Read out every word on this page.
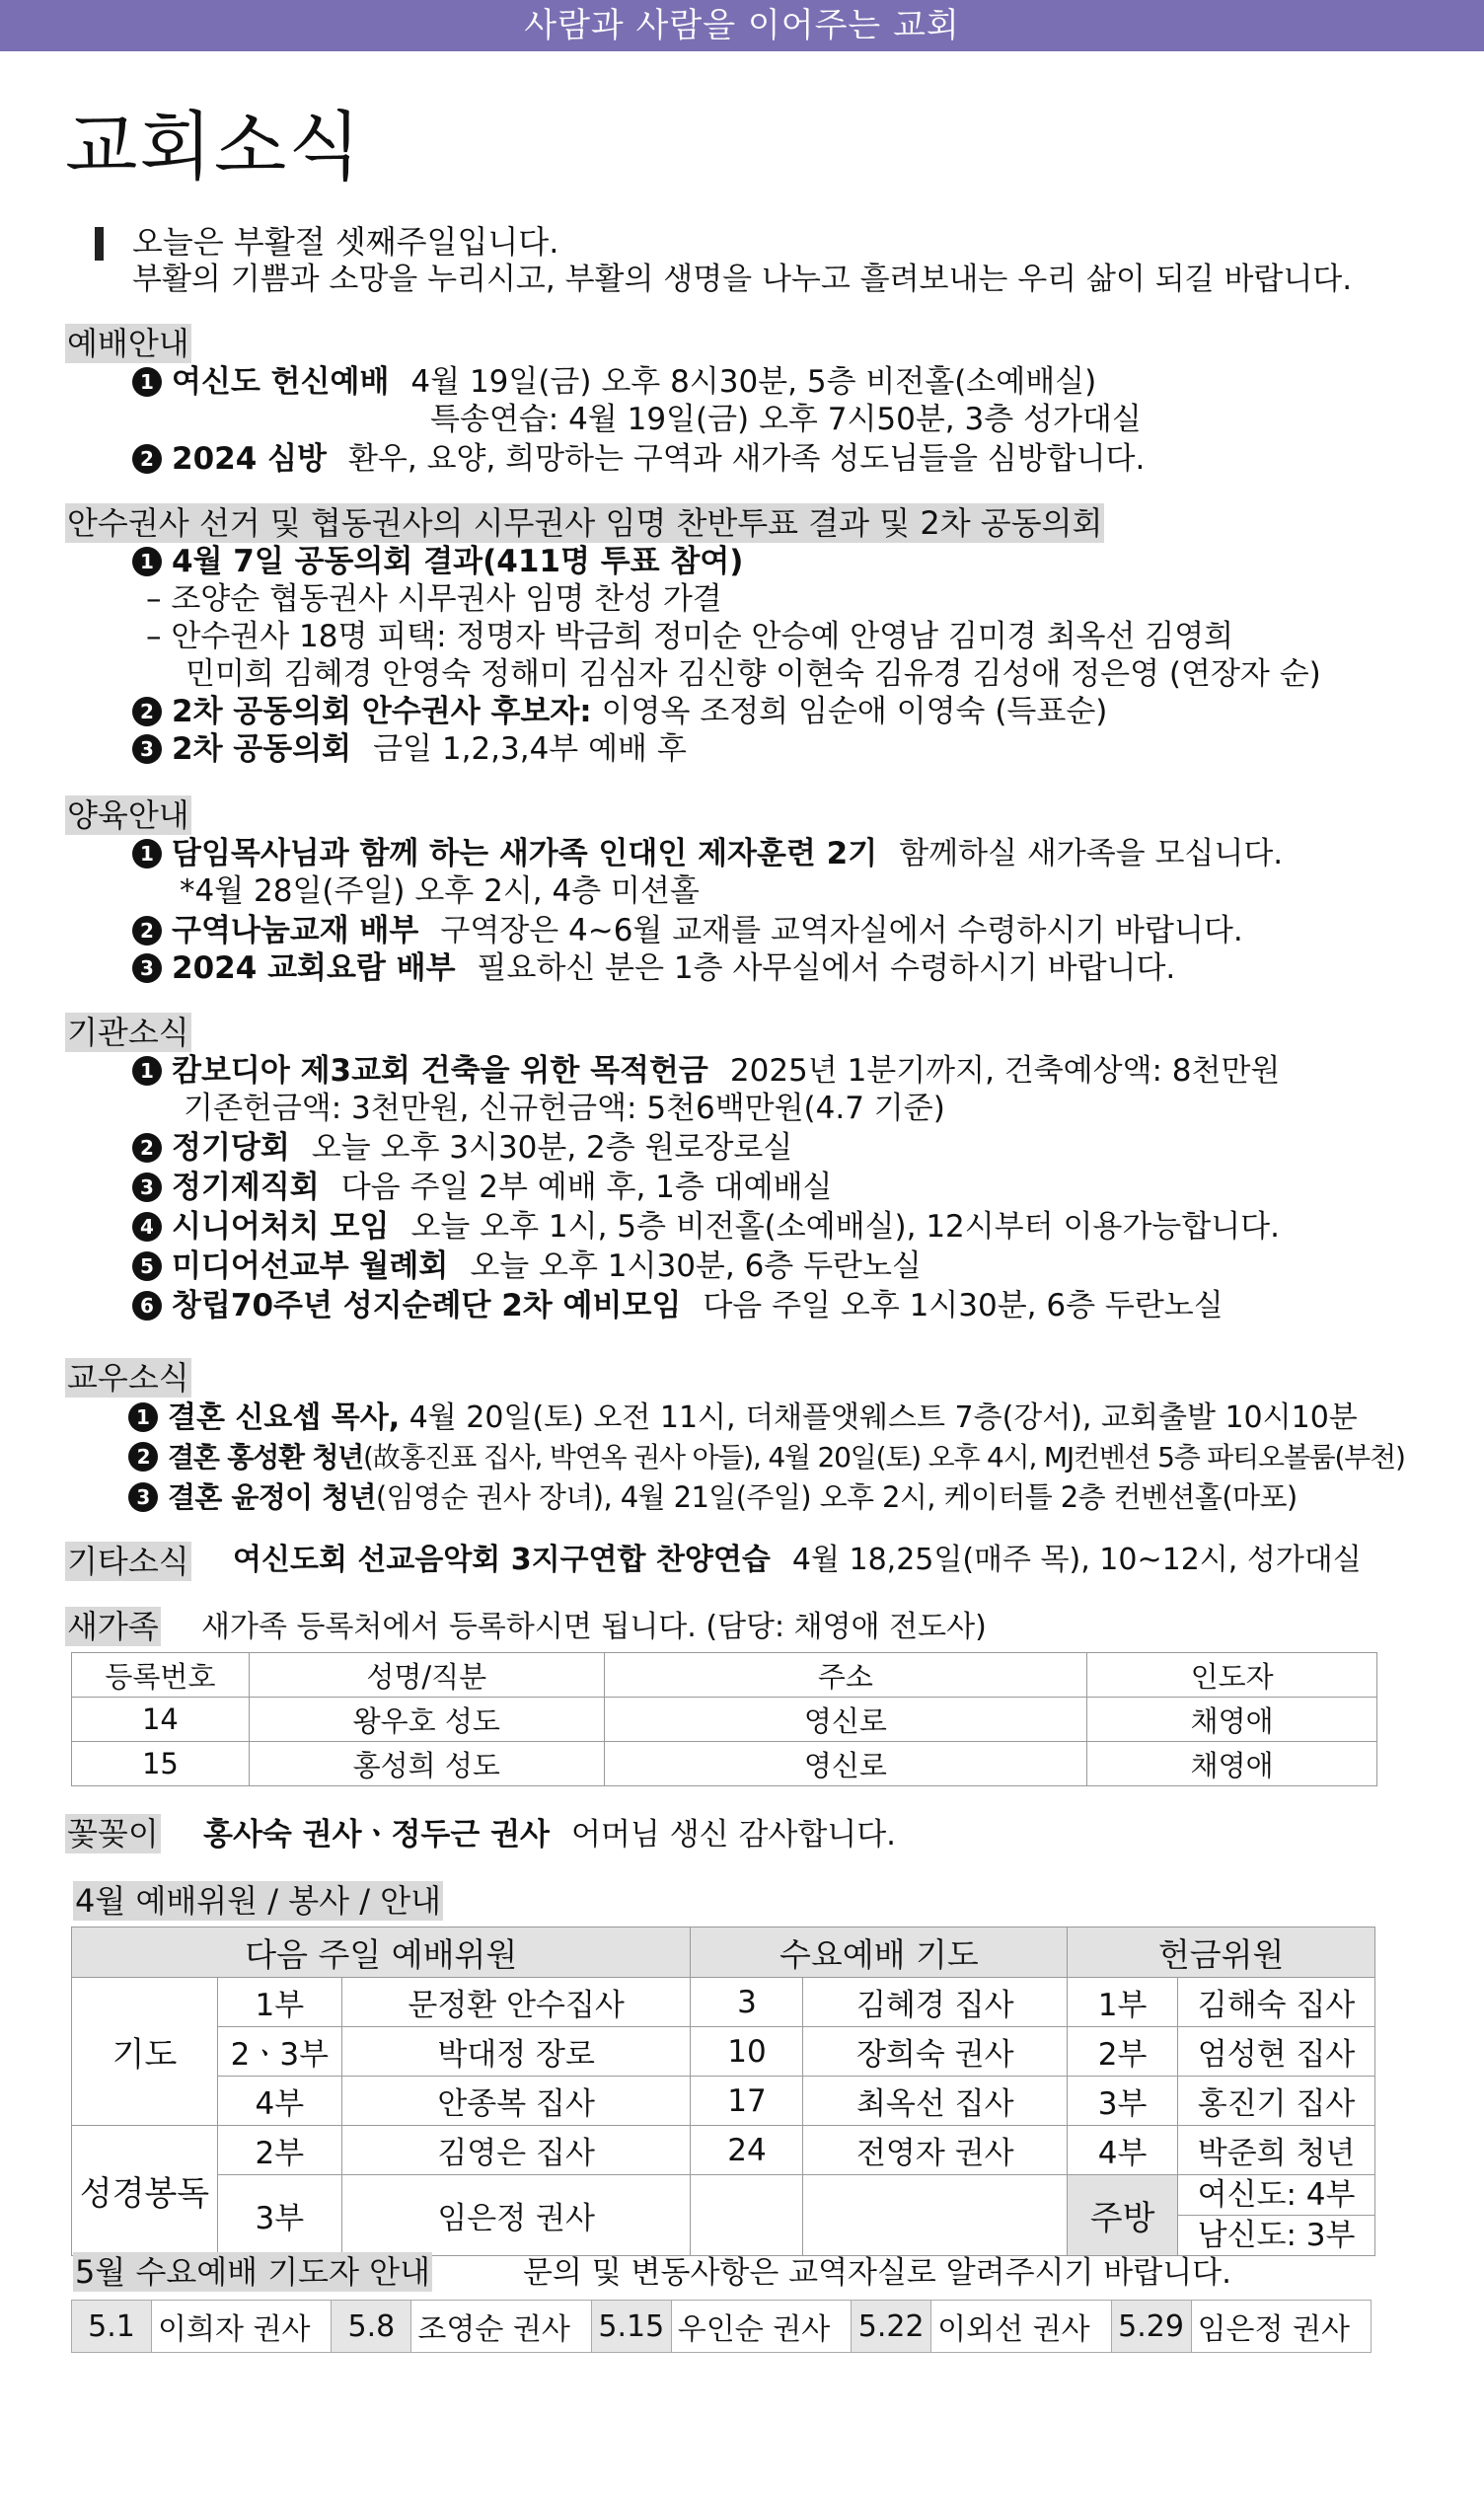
사람과 사람을 이어주는 교회
교회소식
오늘은 부활절 셋째주일입니다.
부활의 기쁨과 소망을 누리시고, 부활의 생명을 나누고 흘려보내는 우리 삶이 되길 바랍니다.
예배안내
1 여신도 헌신예배 4월 19일(금) 오후 8시30분, 5층 비전홀(소예배실)
특송연습: 4월 19일(금) 오후 7시50분, 3층 성가대실
2 2024 심방 환우, 요양, 희망하는 구역과 새가족 성도님들을 심방합니다.
안수권사 선거 및 협동권사의 시무권사 임명 찬반투표 결과 및 2차 공동의회
1 4월 7일 공동의회 결과(411명 투표 참여)
– 조양순 협동권사 시무권사 임명 찬성 가결
– 안수권사 18명 피택: 정명자 박금희 정미순 안승예 안영남 김미경 최옥선 김영희
민미희 김혜경 안영숙 정해미 김심자 김신향 이현숙 김유경 김성애 정은영 (연장자 순)
2 2차 공동의회 안수권사 후보자: 이영옥 조정희 임순애 이영숙 (득표순)
3 2차 공동의회 금일 1,2,3,4부 예배 후
양육안내
1 담임목사님과 함께 하는 새가족 인대인 제자훈련 2기 함께하실 새가족을 모십니다.
*4월 28일(주일) 오후 2시, 4층 미션홀
2 구역나눔교재 배부 구역장은 4~6월 교재를 교역자실에서 수령하시기 바랍니다.
3 2024 교회요람 배부 필요하신 분은 1층 사무실에서 수령하시기 바랍니다.
기관소식
1 캄보디아 제3교회 건축을 위한 목적헌금 2025년 1분기까지, 건축예상액: 8천만원
기존헌금액: 3천만원, 신규헌금액: 5천6백만원(4.7 기준)
2 정기당회 오늘 오후 3시30분, 2층 원로장로실
3 정기제직회 다음 주일 2부 예배 후, 1층 대예배실
4 시니어처치 모임 오늘 오후 1시, 5층 비전홀(소예배실), 12시부터 이용가능합니다.
5 미디어선교부 월례회 오늘 오후 1시30분, 6층 두란노실
6 창립70주년 성지순례단 2차 예비모임 다음 주일 오후 1시30분, 6층 두란노실
교우소식
1 결혼 신요셉 목사, 4월 20일(토) 오전 11시, 더채플앳웨스트 7층(강서), 교회출발 10시10분
2 결혼 홍성환 청년(故홍진표 집사, 박연옥 권사 아들), 4월 20일(토) 오후 4시, MJ컨벤션 5층 파티오볼룸(부천)
3 결혼 윤정이 청년(임영순 권사 장녀), 4월 21일(주일) 오후 2시, 케이터틀 2층 컨벤션홀(마포)
기타소식 여신도회 선교음악회 3지구연합 찬양연습 4월 18,25일(매주 목), 10~12시, 성가대실
새가족 새가족 등록처에서 등록하시면 됩니다. (담당: 채영애 전도사)
등록번호	성명/직분	주소	인도자
14	왕우호 성도	영신로	채영애
15	홍성희 성도	영신로	채영애
꽃꽂이 홍사숙 권사ㆍ정두근 권사 어머님 생신 감사합니다.
4월 예배위원 / 봉사 / 안내
다음 주일 예배위원			수요예배 기도		헌금위원	
기도	1부	문정환 안수집사	3	김혜경 집사	1부	김해숙 집사
	2ㆍ3부	박대정 장로	10	장희숙 권사	2부	엄성현 집사
	4부	안종복 집사	17	최옥선 집사	3부	홍진기 집사
성경봉독	2부	김영은 집사	24	전영자 권사	4부	박준희 청년
	3부	임은정 권사			주방	여신도: 4부
남신도: 3부
5월 수요예배 기도자 안내	문의 및 변동사항은 교역자실로 알려주시기 바랍니다.
5.1	이희자 권사	5.8	조영순 권사	5.15	우인순 권사	5.22	이외선 권사	5.29	임은정 권사
